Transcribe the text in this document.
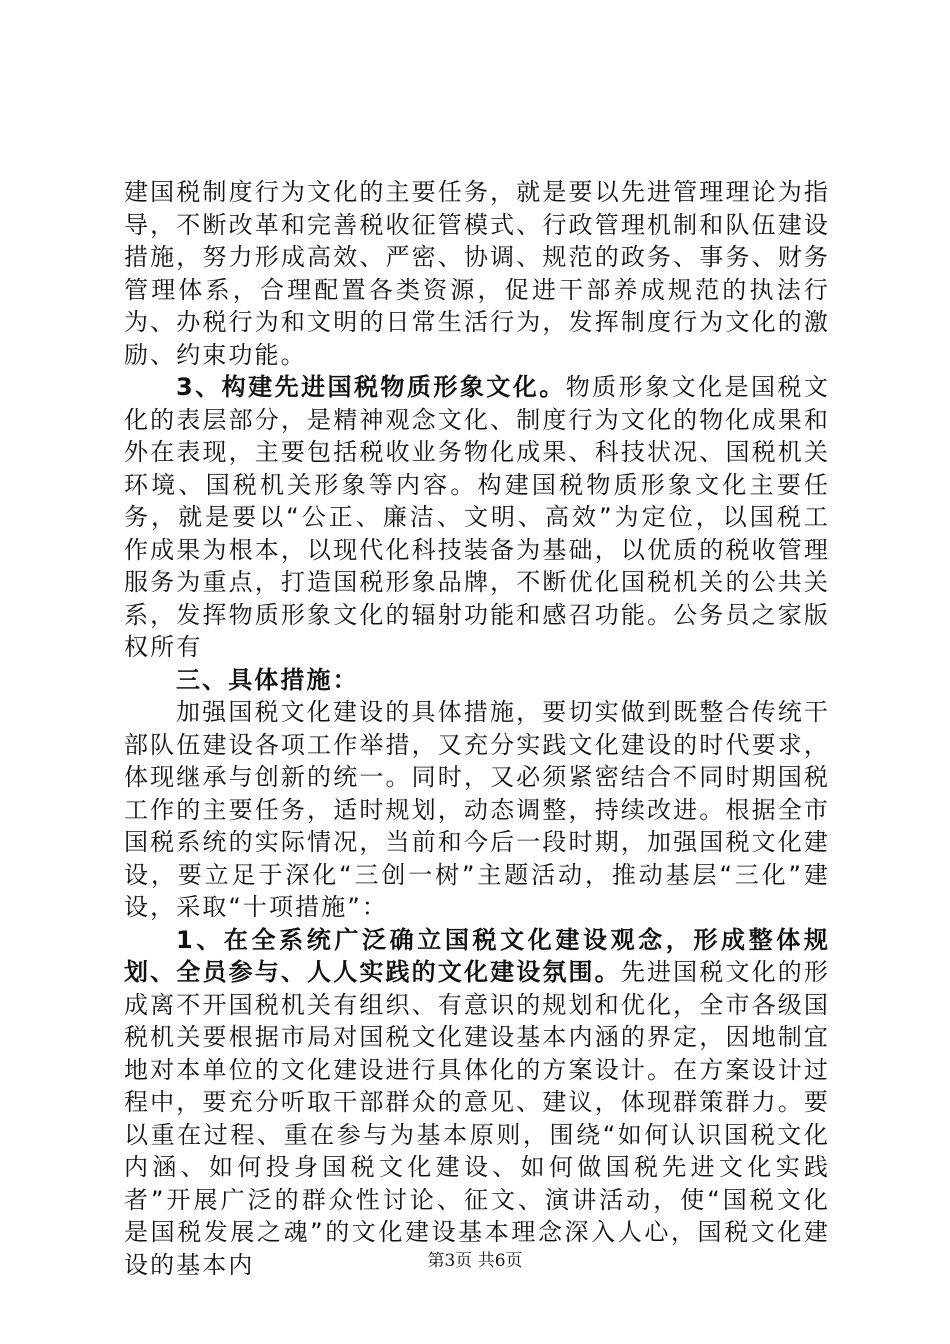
建国税制度行为文化的主要任务，就是要以先进管理理论为指导，不断改革和完善税收征管模式、行政管理机制和队伍建设措施，努力形成高效、严密、协调、规范的政务、事务、财务管理体系，合理配置各类资源，促进干部养成规范的执法行为、办税行为和文明的日常生活行为，发挥制度行为文化的激励、约束功能。

3、构建先进国税物质形象文化。物质形象文化是国税文化的表层部分，是精神观念文化、制度行为文化的物化成果和外在表现，主要包括税收业务物化成果、科技状况、国税机关环境、国税机关形象等内容。构建国税物质形象文化主要任务，就是要以“公正、廉洁、文明、高效”为定位，以国税工作成果为根本，以现代化科技装备为基础，以优质的税收管理服务为重点，打造国税形象品牌，不断优化国税机关的公共关系，发挥物质形象文化的辐射功能和感召功能。公务员之家版权所有

三、具体措施：

加强国税文化建设的具体措施，要切实做到既整合传统干部队伍建设各项工作举措，又充分实践文化建设的时代要求，体现继承与创新的统一。同时，又必须紧密结合不同时期国税工作的主要任务，适时规划，动态调整，持续改进。根据全市国税系统的实际情况，当前和今后一段时期，加强国税文化建设，要立足于深化“三创一树”主题活动，推动基层“三化”建设，采取“十项措施”：

1、在全系统广泛确立国税文化建设观念，形成整体规划、全员参与、人人实践的文化建设氛围。先进国税文化的形成离不开国税机关有组织、有意识的规划和优化，全市各级国税机关要根据市局对国税文化建设基本内涵的界定，因地制宜地对本单位的文化建设进行具体化的方案设计。在方案设计过程中，要充分听取干部群众的意见、建议，体现群策群力。要以重在过程、重在参与为基本原则，围绕“如何认识国税文化内涵、如何投身国税文化建设、如何做国税先进文化实践者”开展广泛的群众性讨论、征文、演讲活动，使“国税文化是国税发展之魂”的文化建设基本理念深入人心，国税文化建设的基本内	第3页 共6页
